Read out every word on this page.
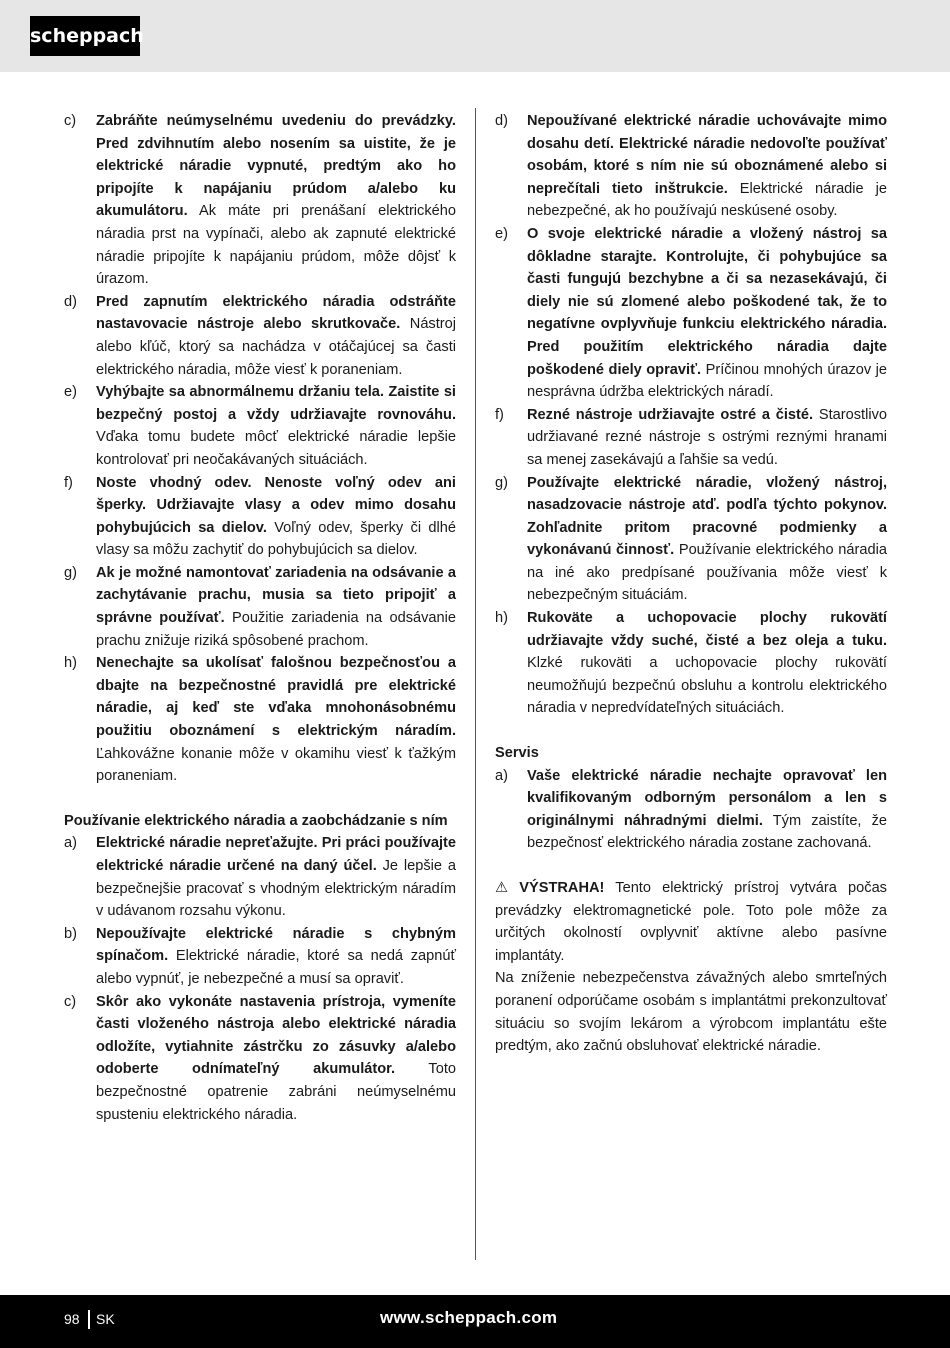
scheppach
c)	Zabráňte neúmyselnému uvedeniu do prevádzky. Pred zdvihnutím alebo nosením sa uistite, že je elektrické náradie vypnuté, predtým ako ho pripojíte k napájaniu prúdom a/alebo ku akumulátoru. Ak máte pri prenášaní elektrického náradia prst na vypínači, alebo ak zapnuté elektrické náradie pripojíte k napájaniu prúdom, môže dôjsť k úrazom.
d)	Pred zapnutím elektrického náradia odstráňte nastavovacie nástroje alebo skrutkovače. Nástroj alebo kľúč, ktorý sa nachádza v otáčajúcej sa časti elektrického náradia, môže viesť k poraneniam.
e)	Vyhýbajte sa abnormálnemu držaniu tela. Zaistite si bezpečný postoj a vždy udržiavajte rovnováhu. Vďaka tomu budete môcť elektrické náradie lepšie kontrolovať pri neočakávaných situáciách.
f)	Noste vhodný odev. Nenoste voľný odev ani šperky. Udržiavajte vlasy a odev mimo dosahu pohybujúcich sa dielov. Voľný odev, šperky či dlhé vlasy sa môžu zachytiť do pohybujúcich sa dielov.
g)	Ak je možné namontovať zariadenia na odsávanie a zachytávanie prachu, musia sa tieto pripojiť a správne používať. Použitie zariadenia na odsávanie prachu znižuje riziká spôsobené prachom.
h)	Nenechajte sa ukolísať falošnou bezpečnosťou a dbajte na bezpečnostné pravidlá pre elektrické náradie, aj keď ste vďaka mnohonásobnému použitiu oboznámení s elektrickým náradím. Ľahkovážne konanie môže v okamihu viesť k ťažkým poraneniam.
Používanie elektrického náradia a zaobchádzanie s ním
a)	Elektrické náradie nepreťažujte. Pri práci používajte elektrické náradie určené na daný účel. Je lepšie a bezpečnejšie pracovať s vhodným elektrickým náradím v udávanom rozsahu výkonu.
b)	Nepoužívajte elektrické náradie s chybným spínačom. Elektrické náradie, ktoré sa nedá zapnúť alebo vypnúť, je nebezpečné a musí sa opraviť.
c)	Skôr ako vykonáte nastavenia prístroja, vymeníte časti vloženého nástroja alebo elektrické náradia odložíte, vytiahnite zástrčku zo zásuvky a/alebo odoberte odnímateľný akumulátor. Toto bezpečnostné opatrenie zabráni neúmyselnému spusteniu elektrického náradia.
d)	Nepoužívané elektrické náradie uchovávajte mimo dosahu detí. Elektrické náradie nedovoľte používať osobám, ktoré s ním nie sú oboznámené alebo si neprečítali tieto inštrukcie. Elektrické náradie je nebezpečné, ak ho používajú neskúsené osoby.
e)	O svoje elektrické náradie a vložený nástroj sa dôkladne starajte. Kontrolujte, či pohybujúce sa časti fungujú bezchybne a či sa nezasekávajú, či diely nie sú zlomené alebo poškodené tak, že to negatívne ovplyvňuje funkciu elektrického náradia. Pred použitím elektrického náradia dajte poškodené diely opraviť. Príčinou mnohých úrazov je nesprávna údržba elektrických náradí.
f)	Rezné nástroje udržiavajte ostré a čisté. Starostlivo udržiavané rezné nástroje s ostrými reznými hranami sa menej zasekávajú a ľahšie sa vedú.
g)	Používajte elektrické náradie, vložený nástroj, nasadzovacie nástroje atď. podľa týchto pokynov. Zohľadnite pritom pracovné podmienky a vykonávanú činnosť. Používanie elektrického náradia na iné ako predpísané používania môže viesť k nebezpečným situáciám.
h)	Rukoväte a uchopovacie plochy rukovätí udržiavajte vždy suché, čisté a bez oleja a tuku. Klzké rukoväti a uchopovacie plochy rukovätí neumožňujú bezpečnú obsluhu a kontrolu elektrického náradia v nepredvídateľných situáciách.
Servis
a)	Vaše elektrické náradie nechajte opravovať len kvalifikovaným odborným personálom a len s originálnymi náhradnými dielmi. Tým zaistíte, že bezpečnosť elektrického náradia zostane zachovaná.
⚠ VÝSTRAHA! Tento elektrický prístroj vytvára počas prevádzky elektromagnetické pole. Toto pole môže za určitých okolností ovplyvniť aktívne alebo pasívne implantáty.
Na zníženie nebezpečenstva závažných alebo smrteľných poranení odporúčame osobám s implantátmi prekonzultovať situáciu so svojím lekárom a výrobcom implantátu ešte predtým, ako začnú obsluhovať elektrické náradie.
98 SK	www.scheppach.com
